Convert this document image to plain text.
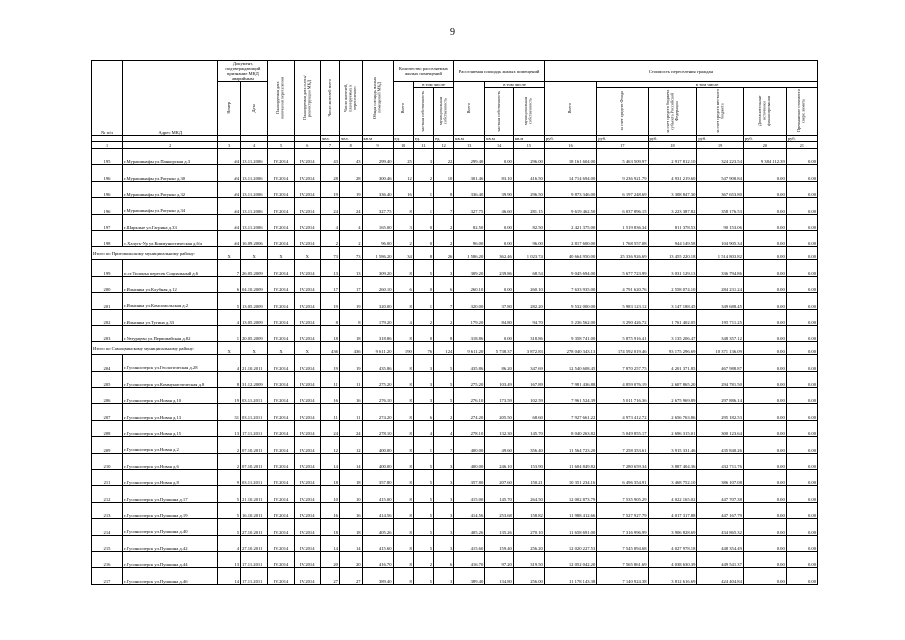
9
№ п/п	Адрес МКД	Документ, подтверждающий признание МКД аварийным		Планируемая дата окончания переселения	Планируемая дата сноса/реконструкции МКД	Число жителей всего	Число жителей, планируемых к переселению	Общая площадь жилых помещений МКД	Количество расселяемых жилых помещений			Расселяемая площадь жилых помещений			Стоимость переселения граждан					
		Номер	Дата						Всего	в том числе		Всего	в том числе		Всего	в том числе				
										частная собственность	муниципальная собственность		частная собственность	муниципальная собственность		за счет средств Фонда	за счет средств бюджета субъекта Российской Федерации	за счет средств местного бюджета	Дополнительные источники финансирования	Превышение стоимости сверх лимита
						чел.	чел.	кв.м	ед.	ед.	ед.	кв.м	кв.м	кв.м	руб.	руб.	руб.	руб.	руб.	руб.
1	2	3	4	5	6	7	8	9	10	11	12	13	14	15	16	17	18	19	20	21
195	г.Мурашинафы ул.Панкорская д.3	#4	13.11.2006	IV.2014	IV.2014	43	43	299.40	25	3	22	299.40	0.00	296.00	18 161 604.00	5 463 509.97	2 917 812.10	324 223.54	9 384 112.39	0.00
196	г.Мурашинафы ул.Ратунко д.30	#4	13.11.2006	IV.2014	IV.2014	28	28	300.46	12	2	10	301.46	83.10	416.50	14 714 694.00	9 236 921.79	4 931 219.60	547 908.84	0.00	0.00
196	г.Мурашинафы ул.Ратунко д.32	#4	13.11.2006	IV.2014	IV.2014	19	19	336.40	16	1	8	336.40	39.90	296.50	9 873 346.00	6 197 248.69	3 308 847.30	367 653.80	0.00	0.00
196	г.Мурашинафы ул.Ратунко д.34	#4	13.11.2006	IV.2014	IV.2014	24	24	327.75	8	1	7	327.75	46.60	281.15	9 619 462.50	6 037 896.15	3 223 387.82	358 176.53	0.00	0.00
197	г.Шарклые ул.Гагрина д.33	#4	13.11.2006	IV.2014	IV.2014	4	4	165.00	3	0	2	82.50	0.00	82.50	2 421 375.00	1 519 836.34	811 378.53	90 153.06	0.00	0.00
198	с.Халугь-Ур ул.Коммунистическая д.6/а	#4	16.09.2006	IV.2014	IV.2014	2	2	96.00	2	0	2	96.00	0.00	96.00	2 817 600.00	1 768 557.08	944 149.58	104 905.34	0.00	0.00
Итого по Приговальскому муниципальному району:		X	X	X	X	73	73	1 586.20	34	8	26	1 586.20	362.46	1 023.74	40 664 950.00	25 336 926.69	13 455 220.18	1 514 803.82	0.00	0.00
199	п.ст.Тилоньа пересек Социальный д.6	7	26.05.2009	IV.2014	IV.2014	13	13	309.20	8	5	3	309.20	239.86	68.54	9 045 694.00	5 677 723.99	3 031 129.13	336 794.86	0.00	0.00
200	г.Илыинка ул.Клубная д.12	6	04.10.2009	IV.2014	IV.2014	17	17	260.10	6	0	6	260.10	0.00	260.10	7 633 935.00	4 791 620.76	2 558 074.10	284 231.24	0.00	0.00
201	г.Илыинка ул.Комсомольская д.2	5	13.05.2009	IV.2014	IV.2014	19	19	320.00	8	1	7	320.00	37.80	282.20	9 532 000.00	5 983 123.12	3 147 188.45	349 688.45	0.00	0.00
202	г.Илыинка ул.Тугина д.33	4	13.05.2009	IV.2014	IV.2014	8	8	179.20	4	2	2	179.20	84.80	94.70	5 236 562.00	3 290 426.72	1 761 402.05	195 711.25	0.00	0.00
203	г.Увтурцево ул.Первомайская д.82	1	20.05.2009	IV.2014	IV.2014	18	18	318.86	8	0	8	318.86	0.00	318.86	9 358 741.00	5 875 916.41	3 135 206.47	348 357.12	0.00	0.00
Итого по Самоцвинскому муниципальному району:		X	X	X	X	436	436	9 611.20	190	76	124	9 611.20	5 738.37	3 872.83	278 040 343.13	174 592 019.46	93 175 296.69	10 371 136.09	0.00	0.00
204	г.Гусиноозерск ул.Геологическая д.28	4	21.10.2011	IV.2014	IV.2014	19	19	435.86	8	3	5	435.86	86.20	347.69	12 540 608.45	7 870 257.75	4 201 371.85	467 988.87	0.00	0.00
205	г.Гусиноозерск ул.Коммунистическая д.8	8	31.12.2009	IV.2014	IV.2014	11	11	275.20	8	3	5	275.20	103.49	167.89	7 981 436.88	4 859 076.19	2 607 865.20	294 781.50	0.00	0.00
206	г.Гусиноозерск ул.Новая д.10	19	03.11.2011	IV.2014	IV.2014	16	16	276.10	8	3	5	276.10	173.59	102.59	7 961 524.39	5 011 716.36	2 675 969.89	297 886.14	0.00	0.00
207	г.Гусиноозерск ул.Новая д.13	31	03.11.2011	IV.2014	IV.2014	11	11	274.20	8	6	2	274.20	205.50	68.60	7 927 661.22	4 973 412.72	2 656 763.86	295 182.53	0.00	0.00
208	г.Гусиноозерск ул.Новая д.15	13	17.11.2011	IV.2014	IV.2014	24	24	278.10	8	4	4	278.10	132.30	145.70	8 040 263.82	5 049 855.17	2 696 315.01	300 123.64	0.00	0.00
209	г.Гусиноозерск ул.Новая д.2	2	07.10.2011	IV.2014	IV.2014	12	12	400.00	8	1	7	400.00	49.60	356.40	11 564 723.20	7 258 353.61	3 915 331.46	435 840.26	0.00	0.00
210	г.Гусиноозерск ул.Новая д.6	2	07.10.2011	IV.2014	IV.2014	14	14	400.00	8	5	3	400.00	246.10	153.90	11 604 849.82	7 280 659.34	3 887 404.36	432 711.76	0.00	0.00
211	г.Гусиноозерск ул.Новая д.8	9	03.11.2011	IV.2014	IV.2014	18	18	357.80	8	5	3	357.80	207.60	150.21	10 351 234.16	6 496 354.91	3 468 752.10	386 107.08	0.00	0.00
212	г.Гусиноозерск ул.Пушкина д.17	5	21.10.2011	IV.2014	IV.2014	10	10	415.00	8	5	3	415.00	145.70	264.50	12 002 873.79	7 535 905.29	4 022 165.02	447 707.38	0.00	0.00
213	г.Гусиноозерск ул.Пушкина д.19	5	16.10.2011	IV.2014	IV.2014	16	16	414.56	8	5	3	414.56	253.68	158.82	11 988 412.66	7 527 927.79	4 017 317.88	447 167.79	0.00	0.00
214	г.Гусиноозерск ул.Пушкина д.40	5	27.10.2011	IV.2014	IV.2014	18	18	405.26	8	5	3	405.26	135.26	270.10	11 658 691.00	7 316 996.99	3 906 828.69	434 865.32	0.00	0.00
215	г.Гусиноозерск ул.Пушкина д.42	4	27.10.2011	IV.2014	IV.2014	14	14	415.60	8	5	3	415.60	159.40	256.20	12 020 227.53	7 545 894.68	4 027 978.18	448 354.49	0.00	0.00
216	г.Гусиноозерск ул.Пушкина д.44	13	17.11.2011	IV.2014	IV.2014	20	20	416.70	8	2	6	416.70	97.20	319.50	12 052 042.20	7 565 861.69	4 038 630.39	449 541.37	0.00	0.00
217	г.Гусиноозерск ул.Пушкина д.46	14	17.11.2011	IV.2014	IV.2014	27	27	389.40	8	5	3	389.40	134.80	256.00	11 178 143.38	7 140 924.38	3 812 616.69	424 404.84	0.00	0.00
